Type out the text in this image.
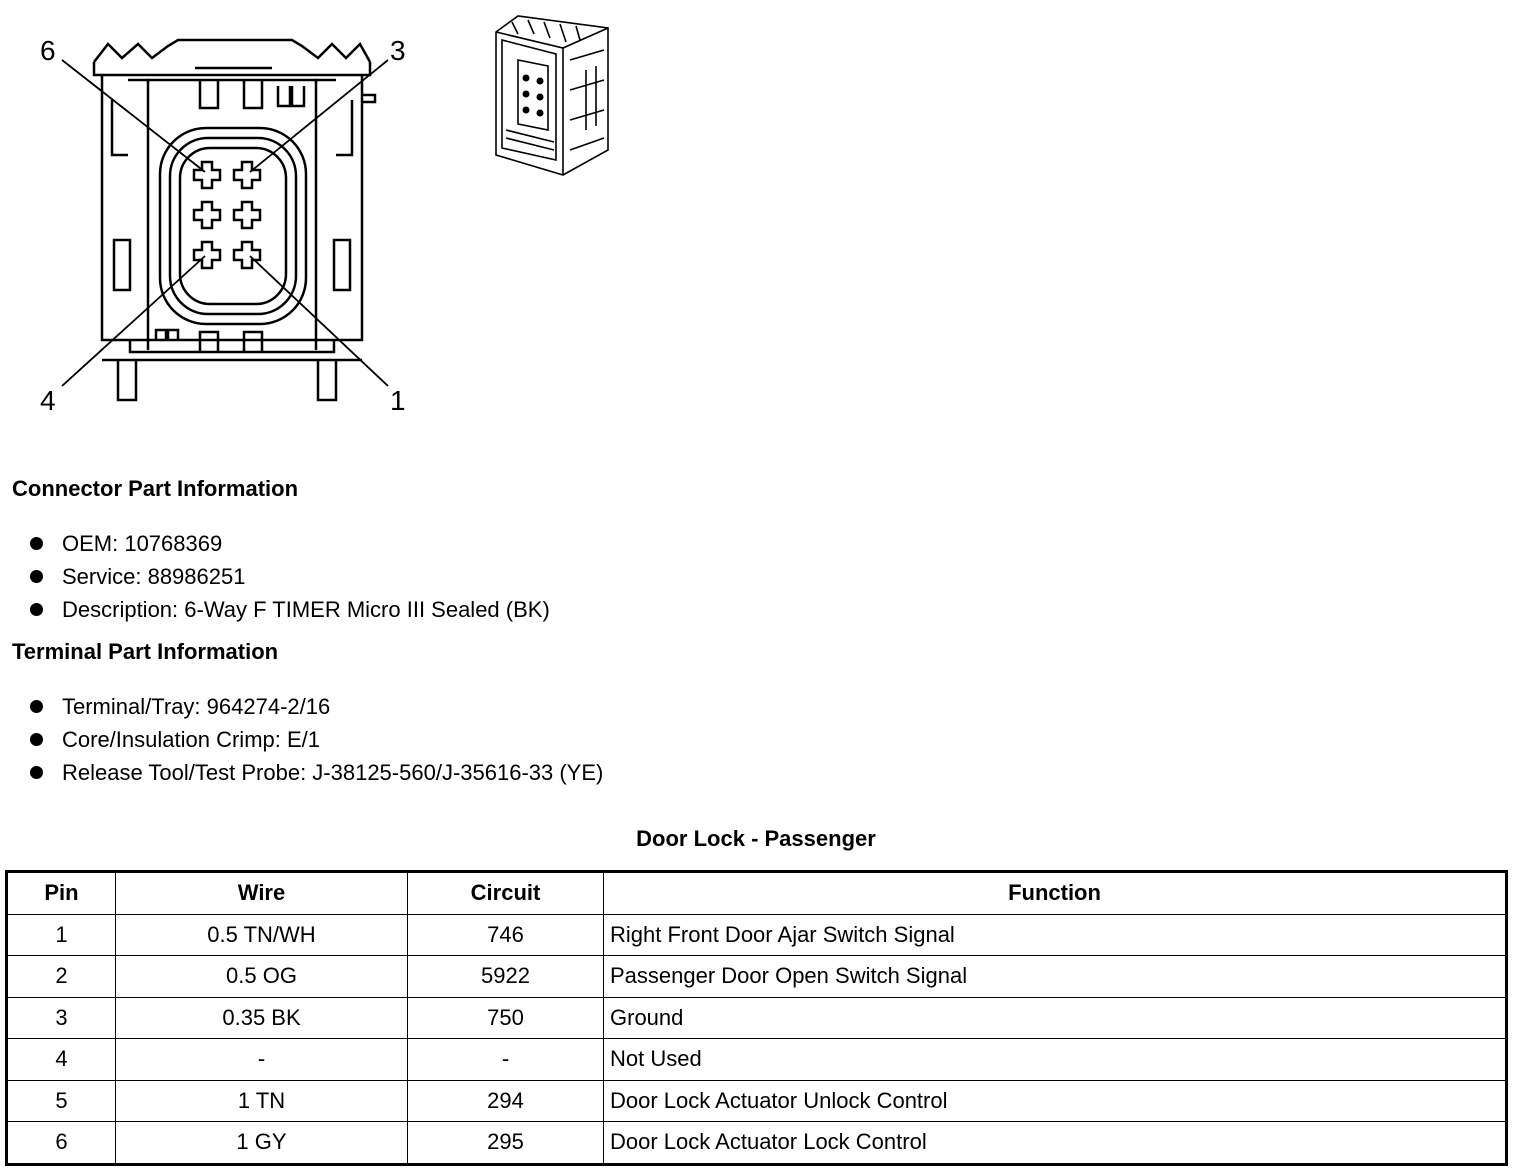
6	3
4	1
Connector Part Information
OEM: 10768369
Service: 88986251
Description: 6-Way F TIMER Micro III Sealed (BK)
Terminal Part Information
Terminal/Tray: 964274-2/16
Core/Insulation Crimp: E/1
Release Tool/Test Probe: J-38125-560/J-35616-33 (YE)
Door Lock - Passenger
Pin	Wire	Circuit	Function
1	0.5 TN/WH	746	Right Front Door Ajar Switch Signal
2	0.5 OG	5922	Passenger Door Open Switch Signal
3	0.35 BK	750	Ground
4	-	-	Not Used
5	1 TN	294	Door Lock Actuator Unlock Control
6	1 GY	295	Door Lock Actuator Lock Control
